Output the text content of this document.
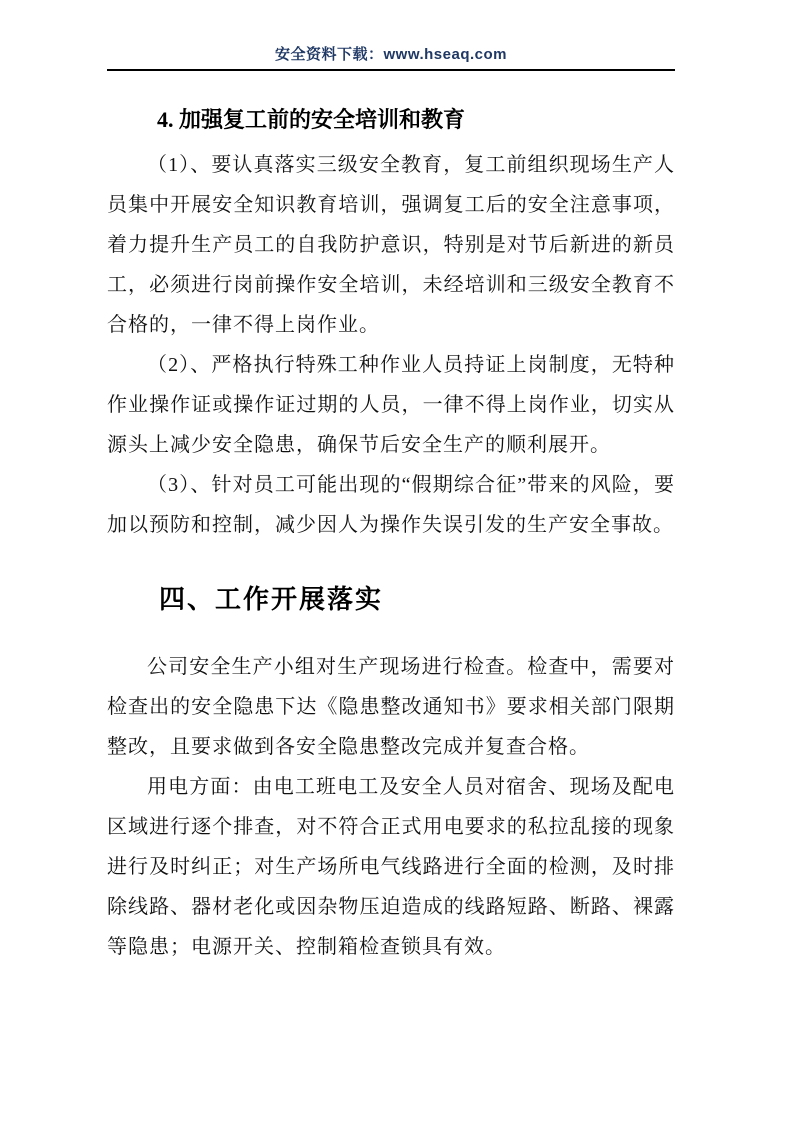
安全资料下载：www.hseaq.com
4. 加强复工前的安全培训和教育

（1）、要认真落实三级安全教育，复工前组织现场生产人员集中开展安全知识教育培训，强调复工后的安全注意事项，着力提升生产员工的自我防护意识，特别是对节后新进的新员工，必须进行岗前操作安全培训，未经培训和三级安全教育不合格的，一律不得上岗作业。

（2）、严格执行特殊工种作业人员持证上岗制度，无特种作业操作证或操作证过期的人员，一律不得上岗作业，切实从源头上减少安全隐患，确保节后安全生产的顺利展开。

（3）、针对员工可能出现的“假期综合征”带来的风险，要加以预防和控制，减少因人为操作失误引发的生产安全事故。

四、工作开展落实

公司安全生产小组对生产现场进行检查。检查中，需要对检查出的安全隐患下达《隐患整改通知书》要求相关部门限期整改，且要求做到各安全隐患整改完成并复查合格。

用电方面：由电工班电工及安全人员对宿舍、现场及配电区域进行逐个排查，对不符合正式用电要求的私拉乱接的现象进行及时纠正；对生产场所电气线路进行全面的检测，及时排除线路、器材老化或因杂物压迫造成的线路短路、断路、裸露等隐患；电源开关、控制箱检查锁具有效。
